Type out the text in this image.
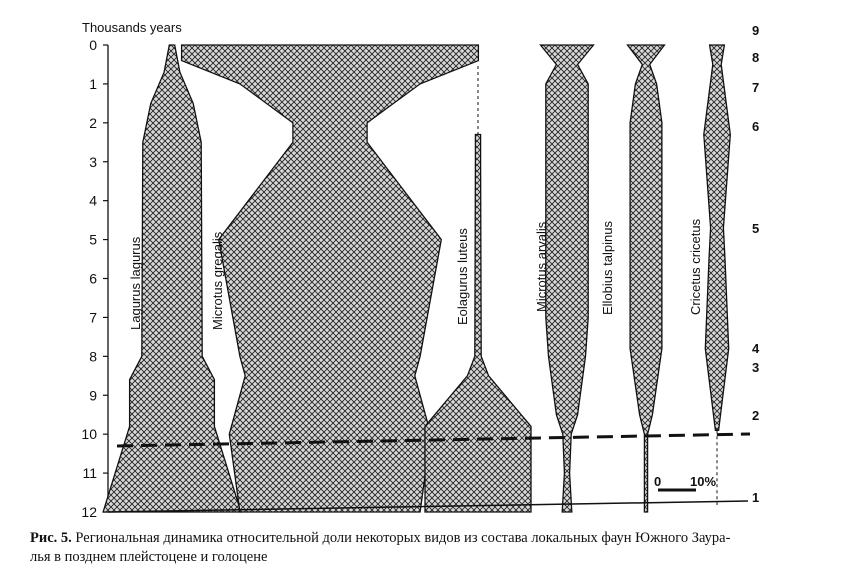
Thousands years
0
1
2
3
4
5
6
7
8
9
10
11
12
Lagurus lagurus	Microtus gregalis	Eolagurus luteus	Microtus arvalis	Ellobius talpinus	Cricetus cricetus
0 10%
9
8
7
6
5
4
3
2
1
Рис. 5. Региональная динамика относительной доли некоторых видов из состава локальных фаун Южного Заура-
лья в позднем плейстоцене и голоцене
